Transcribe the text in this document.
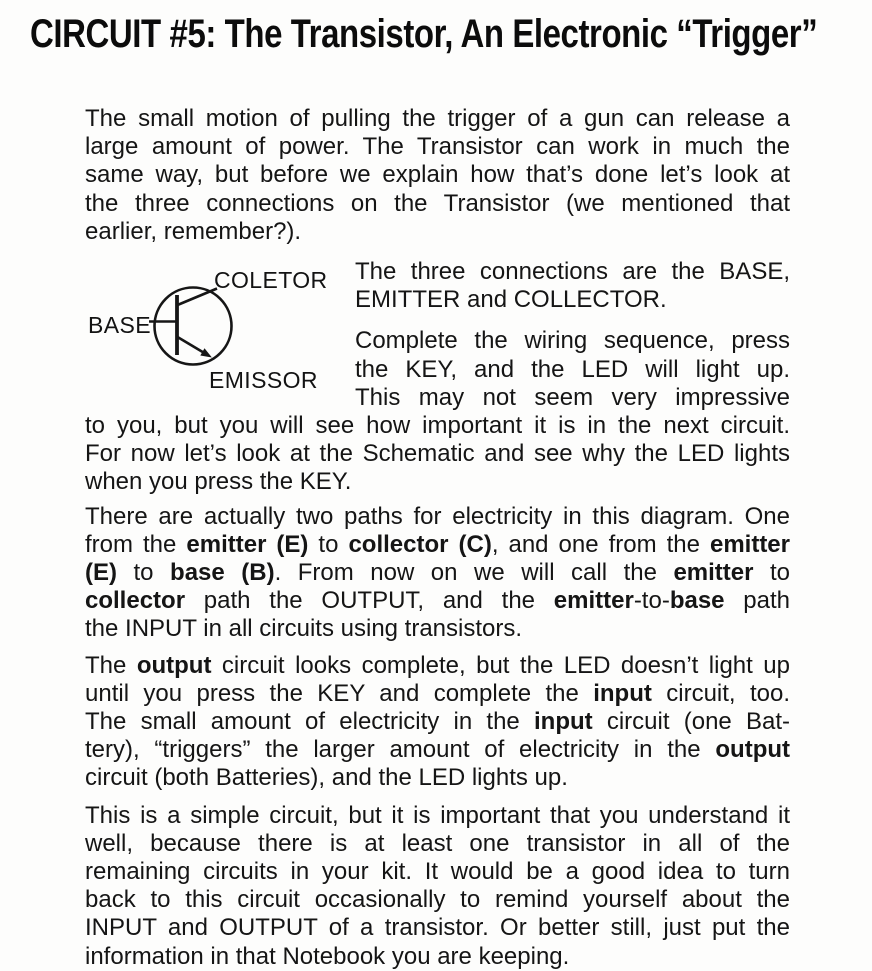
CIRCUIT #5: The Transistor, An Electronic “Trigger”
The small motion of pulling the trigger of a gun can release a
large amount of power. The Transistor can work in much the
same way, but before we explain how that’s done let’s look at
the three connections on the Transistor (we mentioned that
earlier, remember?).
COLETOR
BASE
EMISSOR
The three connections are the BASE,
EMITTER and COLLECTOR.
Complete the wiring sequence, press
the KEY, and the LED will light up.
This may not seem very impressive
to you, but you will see how important it is in the next circuit.
For now let’s look at the Schematic and see why the LED lights
when you press the KEY.
There are actually two paths for electricity in this diagram. One
from the emitter (E) to collector (C), and one from the emitter
(E) to base (B). From now on we will call the emitter to
collector path the OUTPUT, and the emitter-to-base path
the INPUT in all circuits using transistors.
The output circuit looks complete, but the LED doesn’t light up
until you press the KEY and complete the input circuit, too.
The small amount of electricity in the input circuit (one Bat-
tery), “triggers” the larger amount of electricity in the output
circuit (both Batteries), and the LED lights up.
This is a simple circuit, but it is important that you understand it
well, because there is at least one transistor in all of the
remaining circuits in your kit. It would be a good idea to turn
back to this circuit occasionally to remind yourself about the
INPUT and OUTPUT of a transistor. Or better still, just put the
information in that Notebook you are keeping.
